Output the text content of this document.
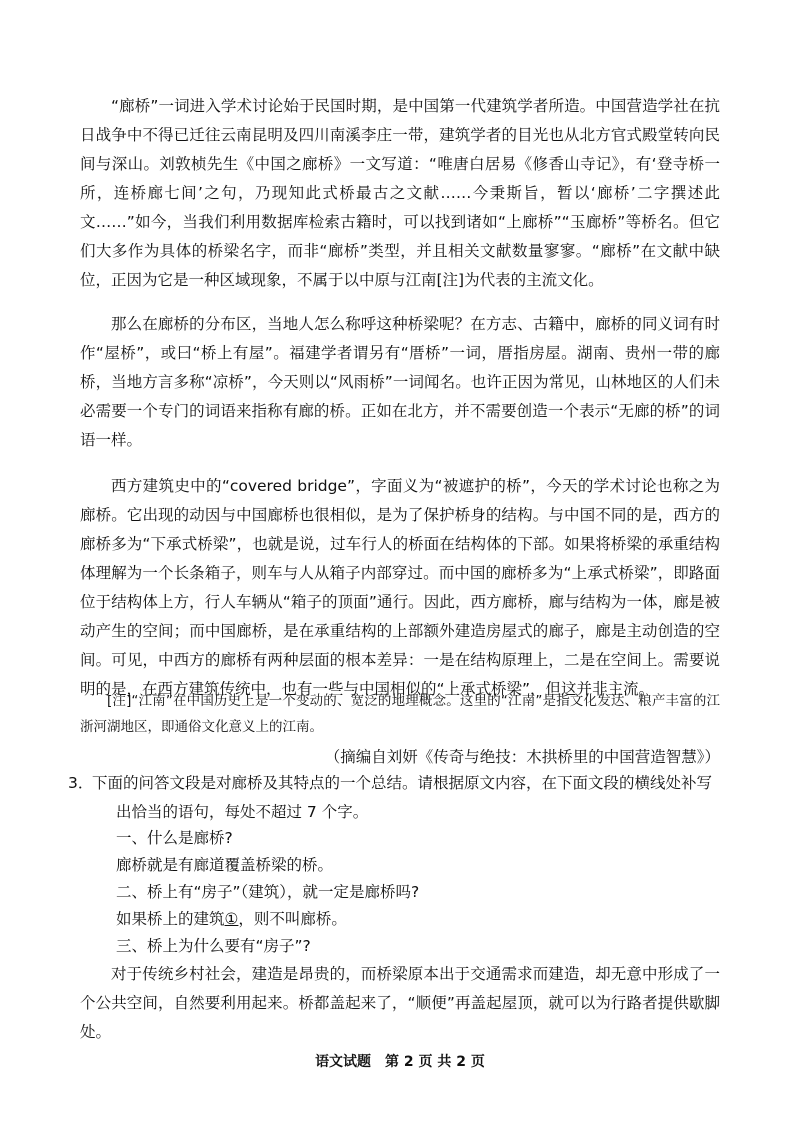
“廊桥”一词进入学术讨论始于民国时期，是中国第一代建筑学者所造。中国营造学社在抗日战争中不得已迁往云南昆明及四川南溪李庄一带，建筑学者的目光也从北方官式殿堂转向民间与深山。刘敦桢先生《中国之廊桥》一文写道：“唯唐白居易《修香山寺记》，有‘登寺桥一所，连桥廊七间’之句，乃现知此式桥最古之文献……今秉斯旨，暂以‘廊桥’二字撰述此文……”如今，当我们利用数据库检索古籍时，可以找到诸如“上廊桥”“玉廊桥”等桥名。但它们大多作为具体的桥梁名字，而非“廊桥”类型，并且相关文献数量寥寥。“廊桥”在文献中缺位，正因为它是一种区域现象，不属于以中原与江南[注]为代表的主流文化。

那么在廊桥的分布区，当地人怎么称呼这种桥梁呢？在方志、古籍中，廊桥的同义词有时作“屋桥”，或曰“桥上有屋”。福建学者谓另有“厝桥”一词，厝指房屋。湖南、贵州一带的廊桥，当地方言多称“凉桥”，今天则以“风雨桥”一词闻名。也许正因为常见，山林地区的人们未必需要一个专门的词语来指称有廊的桥。正如在北方，并不需要创造一个表示“无廊的桥”的词语一样。

西方建筑史中的“covered bridge”，字面义为“被遮护的桥”，今天的学术讨论也称之为廊桥。它出现的动因与中国廊桥也很相似，是为了保护桥身的结构。与中国不同的是，西方的廊桥多为“下承式桥梁”，也就是说，过车行人的桥面在结构体的下部。如果将桥梁的承重结构体理解为一个长条箱子，则车与人从箱子内部穿过。而中国的廊桥多为“上承式桥梁”，即路面位于结构体上方，行人车辆从“箱子的顶面”通行。因此，西方廊桥，廊与结构为一体，廊是被动产生的空间；而中国廊桥，是在承重结构的上部额外建造房屋式的廊子，廊是主动创造的空间。可见，中西方的廊桥有两种层面的根本差异：一是在结构原理上，二是在空间上。需要说明的是，在西方建筑传统中，也有一些与中国相似的“上承式桥梁”，但这并非主流。

[注]“江南”在中国历史上是一个变动的、宽泛的地理概念。这里的“江南”是指文化发达、粮产丰富的江浙河湖地区，即通俗文化意义上的江南。

（摘编自刘妍《传奇与绝技：木拱桥里的中国营造智慧》）

3．
下面的问答文段是对廊桥及其特点的一个总结。请根据原文内容，在下面文段的横线处补写出恰当的语句，每处不超过 7 个字。

一、什么是廊桥?

廊桥就是有廊道覆盖桥梁的桥。

二、桥上有“房子”（建筑），就一定是廊桥吗?

如果桥上的建筑①，则不叫廊桥。

三、桥上为什么要有“房子”?

语文试题　第 2 页 共 2 页
对于传统乡村社会，建造是昂贵的，而桥梁原本出于交通需求而建造，却无意中形成了一个公共空间，自然要利用起来。桥都盖起来了，“顺便”再盖起屋顶，就可以为行路者提供歇脚处。
